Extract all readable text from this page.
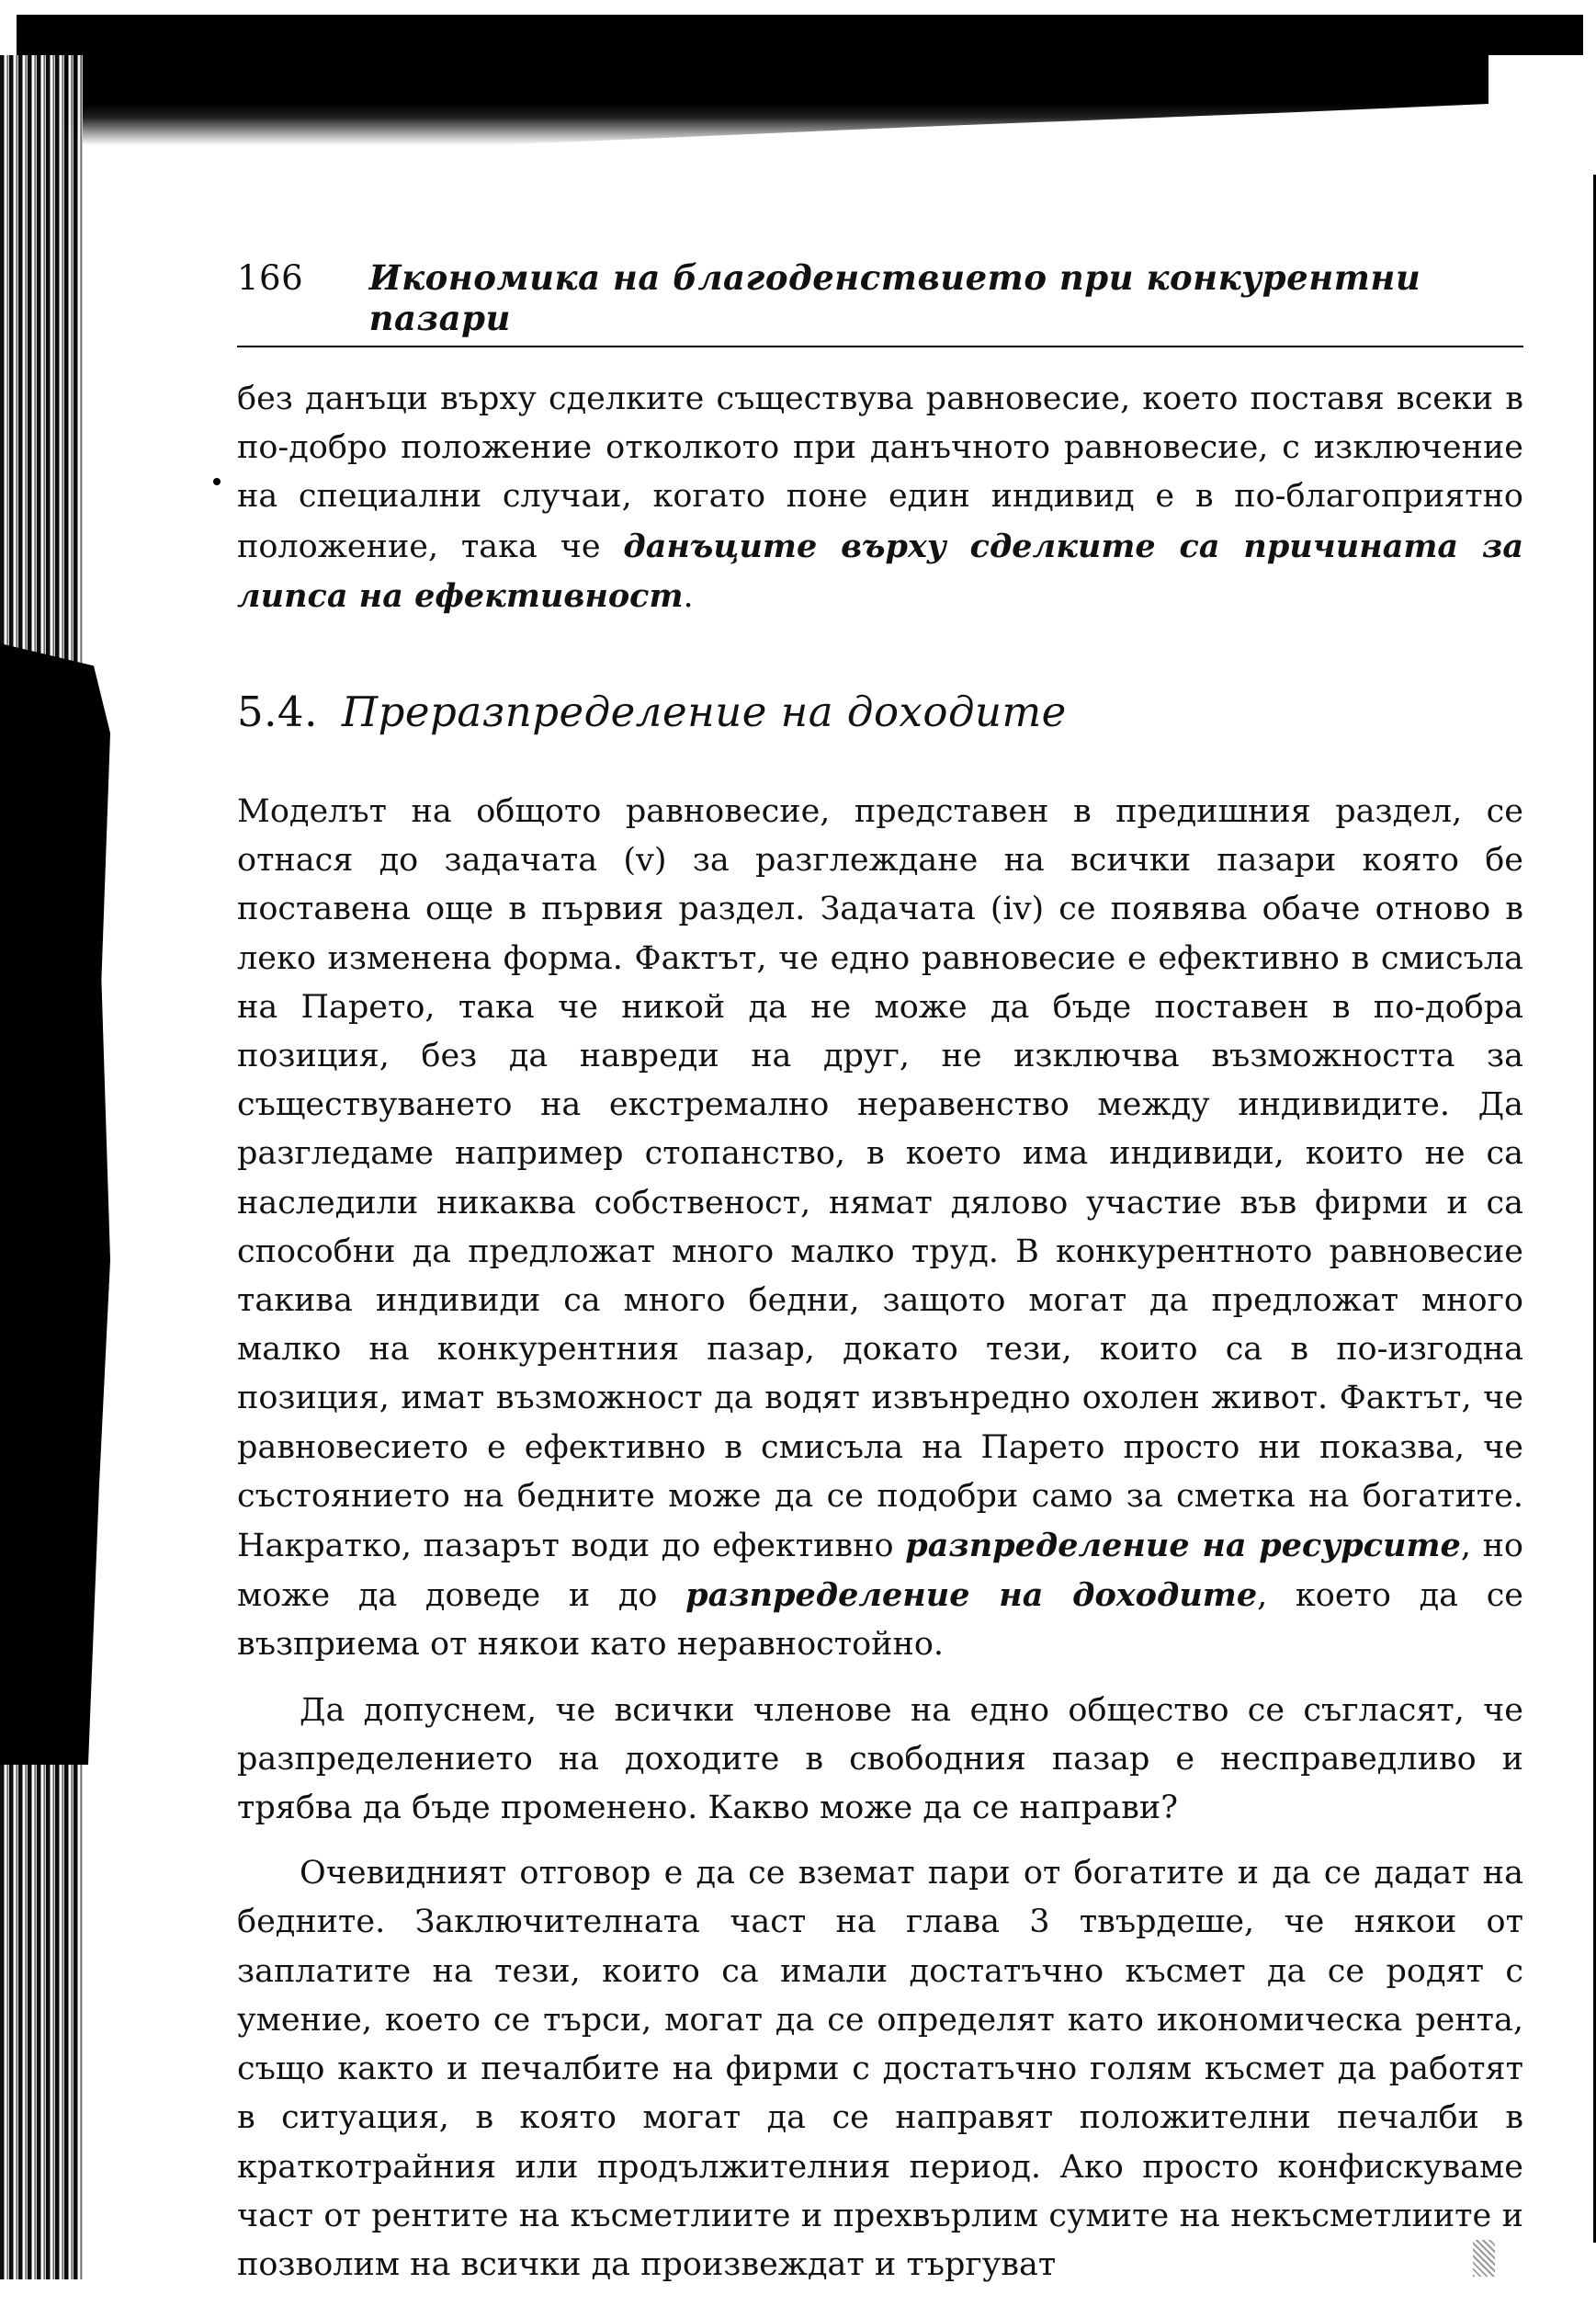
166	Икономика на благоденствието при конкурентни пазари

без данъци върху сделките съществува равновесие, което поставя всеки в по-добро положение отколкото при данъчното равновесие, с изключение на специални случаи, когато поне един индивид е в по-благоприятно положение, така че данъците върху сделките са причината за липса на ефективност.

5.4. Преразпределение на доходите

Моделът на общото равновесие, представен в предишния раздел, се отнася до задачата (v) за разглеждане на всички пазари която бе поставена още в първия раздел. Задачата (iv) се появява обаче отново в леко изменена форма. Фактът, че едно равновесие е ефективно в смисъла на Парето, така че никой да не може да бъде поставен в по-добра позиция, без да навреди на друг, не изключва възможността за съществуването на екстремално неравенство между индивидите. Да разгледаме например стопанство, в което има индивиди, които не са наследили никаква собственост, нямат дялово участие във фирми и са способни да предложат много малко труд. В конкурентното равновесие такива индивиди са много бедни, защото могат да предложат много малко на конкурентния пазар, докато тези, които са в по-изгодна позиция, имат възможност да водят извънредно охолен живот. Фактът, че равновесието е ефективно в смисъла на Парето просто ни показва, че състоянието на бедните може да се подобри само за сметка на богатите. Накратко, пазарът води до ефективно разпределение на ресурсите, но може да доведе и до разпределение на доходите, което да се възприема от някои като неравностойно.

Да допуснем, че всички членове на едно общество се съгласят, че разпределението на доходите в свободния пазар е несправедливо и трябва да бъде променено. Какво може да се направи?

Очевидният отговор е да се вземат пари от богатите и да се дадат на бедните. Заключителната част на глава 3 твърдеше, че някои от заплатите на тези, които са имали достатъчно късмет да се родят с умение, което се търси, могат да се определят като икономическа рента, също както и печалбите на фирми с достатъчно голям късмет да работят в ситуация, в която могат да се направят положителни печалби в краткотрайния или продължителния период. Ако просто конфискуваме част от рентите на късметлиите и прехвърлим сумите на некъсметлиите и позволим на всички да произвеждат и търгуват
